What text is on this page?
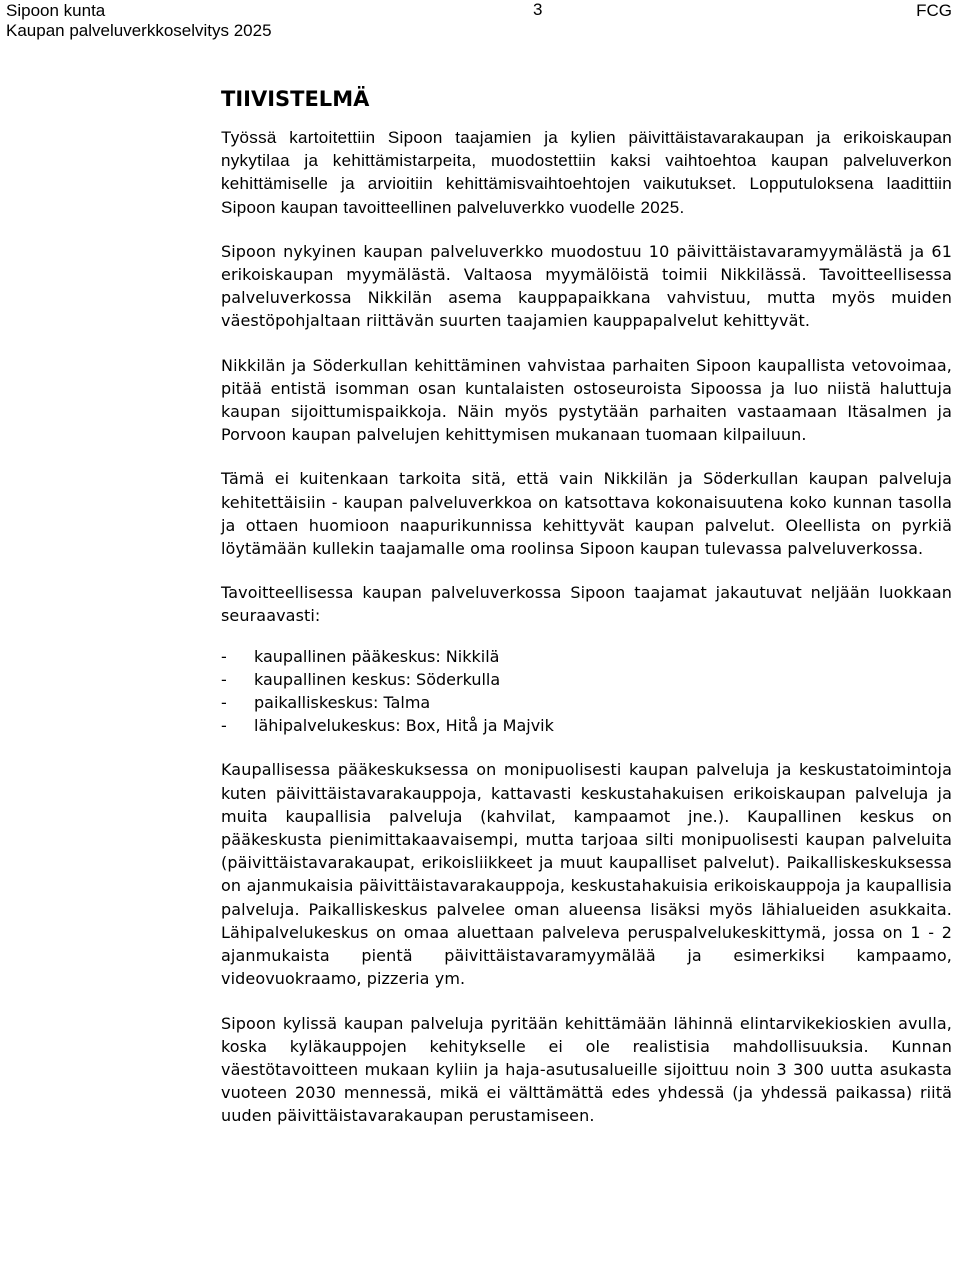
Sipoon kunta
Kaupan palveluverkkoselvitys 2025
3	FCG
TIIVISTELMÄ

Työssä kartoitettiin Sipoon taajamien ja kylien päivittäistavarakaupan ja erikoiskaupan nykytilaa ja kehittämistarpeita, muodostettiin kaksi vaihtoehtoa kaupan palveluverkon kehittämiselle ja arvioitiin kehittämisvaihtoehtojen vaikutukset. Lopputuloksena laadittiin Sipoon kaupan tavoitteellinen palveluverkko vuodelle 2025.

Sipoon nykyinen kaupan palveluverkko muodostuu 10 päivittäistavaramyymälästä ja 61 erikoiskaupan myymälästä. Valtaosa myymälöistä toimii Nikkilässä. Tavoitteellisessa palveluverkossa Nikkilän asema kauppapaikkana vahvistuu, mutta myös muiden väestöpohjaltaan riittävän suurten taajamien kauppapalvelut kehittyvät.

Nikkilän ja Söderkullan kehittäminen vahvistaa parhaiten Sipoon kaupallista vetovoimaa, pitää entistä isomman osan kuntalaisten ostoseuroista Sipoossa ja luo niistä haluttuja kaupan sijoittumispaikkoja. Näin myös pystytään parhaiten vastaamaan Itäsalmen ja Porvoon kaupan palvelujen kehittymisen mukanaan tuomaan kilpailuun.

Tämä ei kuitenkaan tarkoita sitä, että vain Nikkilän ja Söderkullan kaupan palveluja kehitettäisiin - kaupan palveluverkkoa on katsottava kokonaisuutena koko kunnan tasolla ja ottaen huomioon naapurikunnissa kehittyvät kaupan palvelut. Oleellista on pyrkiä löytämään kullekin taajamalle oma roolinsa Sipoon kaupan tulevassa palveluverkossa.

Tavoitteellisessa kaupan palveluverkossa Sipoon taajamat jakautuvat neljään luokkaan seuraavasti:

- kaupallinen pääkeskus: Nikkilä
- kaupallinen keskus: Söderkulla
- paikalliskeskus: Talma
- lähipalvelukeskus: Box, Hitå ja Majvik

Kaupallisessa pääkeskuksessa on monipuolisesti kaupan palveluja ja keskustatoimintoja kuten päivittäistavarakauppoja, kattavasti keskustahakuisen erikoiskaupan palveluja ja muita kaupallisia palveluja (kahvilat, kampaamot jne.). Kaupallinen keskus on pääkeskusta pienimittakaavaisempi, mutta tarjoaa silti monipuolisesti kaupan palveluita (päivittäistavarakaupat, erikoisliikkeet ja muut kaupalliset palvelut). Paikalliskeskuksessa on ajanmukaisia päivittäistavarakauppoja, keskustahakuisia erikoiskauppoja ja kaupallisia palveluja. Paikalliskeskus palvelee oman alueensa lisäksi myös lähialueiden asukkaita. Lähipalvelukeskus on omaa aluettaan palveleva peruspalvelukeskittymä, jossa on 1 - 2 ajanmukaista pientä päivittäistavaramyymälää ja esimerkiksi kampaamo, videovuokraamo, pizzeria ym.

Sipoon kylissä kaupan palveluja pyritään kehittämään lähinnä elintarvikekioskien avulla, koska kyläkauppojen kehitykselle ei ole realistisia mahdollisuuksia. Kunnan väestötavoitteen mukaan kyliin ja haja-asutusalueille sijoittuu noin 3 300 uutta asukasta vuoteen 2030 mennessä, mikä ei välttämättä edes yhdessä (ja yhdessä paikassa) riitä uuden päivittäistavarakaupan perustamiseen.
